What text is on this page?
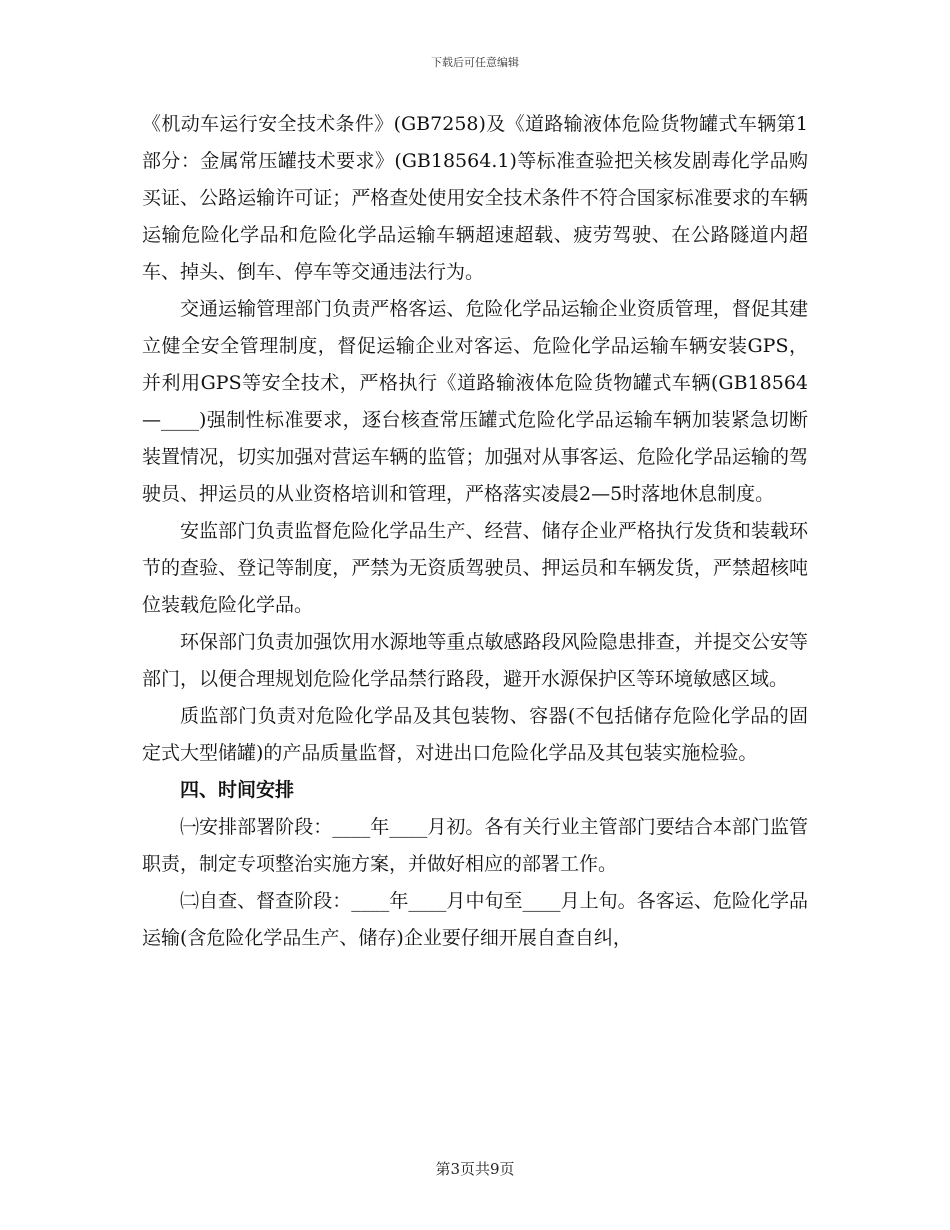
下载后可任意编辑

《机动车运行安全技术条件》(GB7258)及《道路输液体危险货物罐式车辆第1部分：金属常压罐技术要求》(GB18564.1)等标准查验把关核发剧毒化学品购买证、公路运输许可证；严格查处使用安全技术条件不符合国家标准要求的车辆运输危险化学品和危险化学品运输车辆超速超载、疲劳驾驶、在公路隧道内超车、掉头、倒车、停车等交通违法行为。

交通运输管理部门负责严格客运、危险化学品运输企业资质管理，督促其建立健全安全管理制度，督促运输企业对客运、危险化学品运输车辆安装GPS，并利用GPS等安全技术，严格执行《道路输液体危险货物罐式车辆(GB18564—____)强制性标准要求，逐台核查常压罐式危险化学品运输车辆加装紧急切断装置情况，切实加强对营运车辆的监管；加强对从事客运、危险化学品运输的驾驶员、押运员的从业资格培训和管理，严格落实凌晨2—5时落地休息制度。

安监部门负责监督危险化学品生产、经营、储存企业严格执行发货和装载环节的查验、登记等制度，严禁为无资质驾驶员、押运员和车辆发货，严禁超核吨位装载危险化学品。

环保部门负责加强饮用水源地等重点敏感路段风险隐患排查，并提交公安等部门，以便合理规划危险化学品禁行路段，避开水源保护区等环境敏感区域。

质监部门负责对危险化学品及其包装物、容器(不包括储存危险化学品的固定式大型储罐)的产品质量监督，对进出口危险化学品及其包装实施检验。

四、时间安排

㈠安排部署阶段：____年____月初。各有关行业主管部门要结合本部门监管职责，制定专项整治实施方案，并做好相应的部署工作。

㈡自查、督查阶段：____年____月中旬至____月上旬。各客运、危险化学品运输(含危险化学品生产、储存)企业要仔细开展自查自纠，

第3页共9页
